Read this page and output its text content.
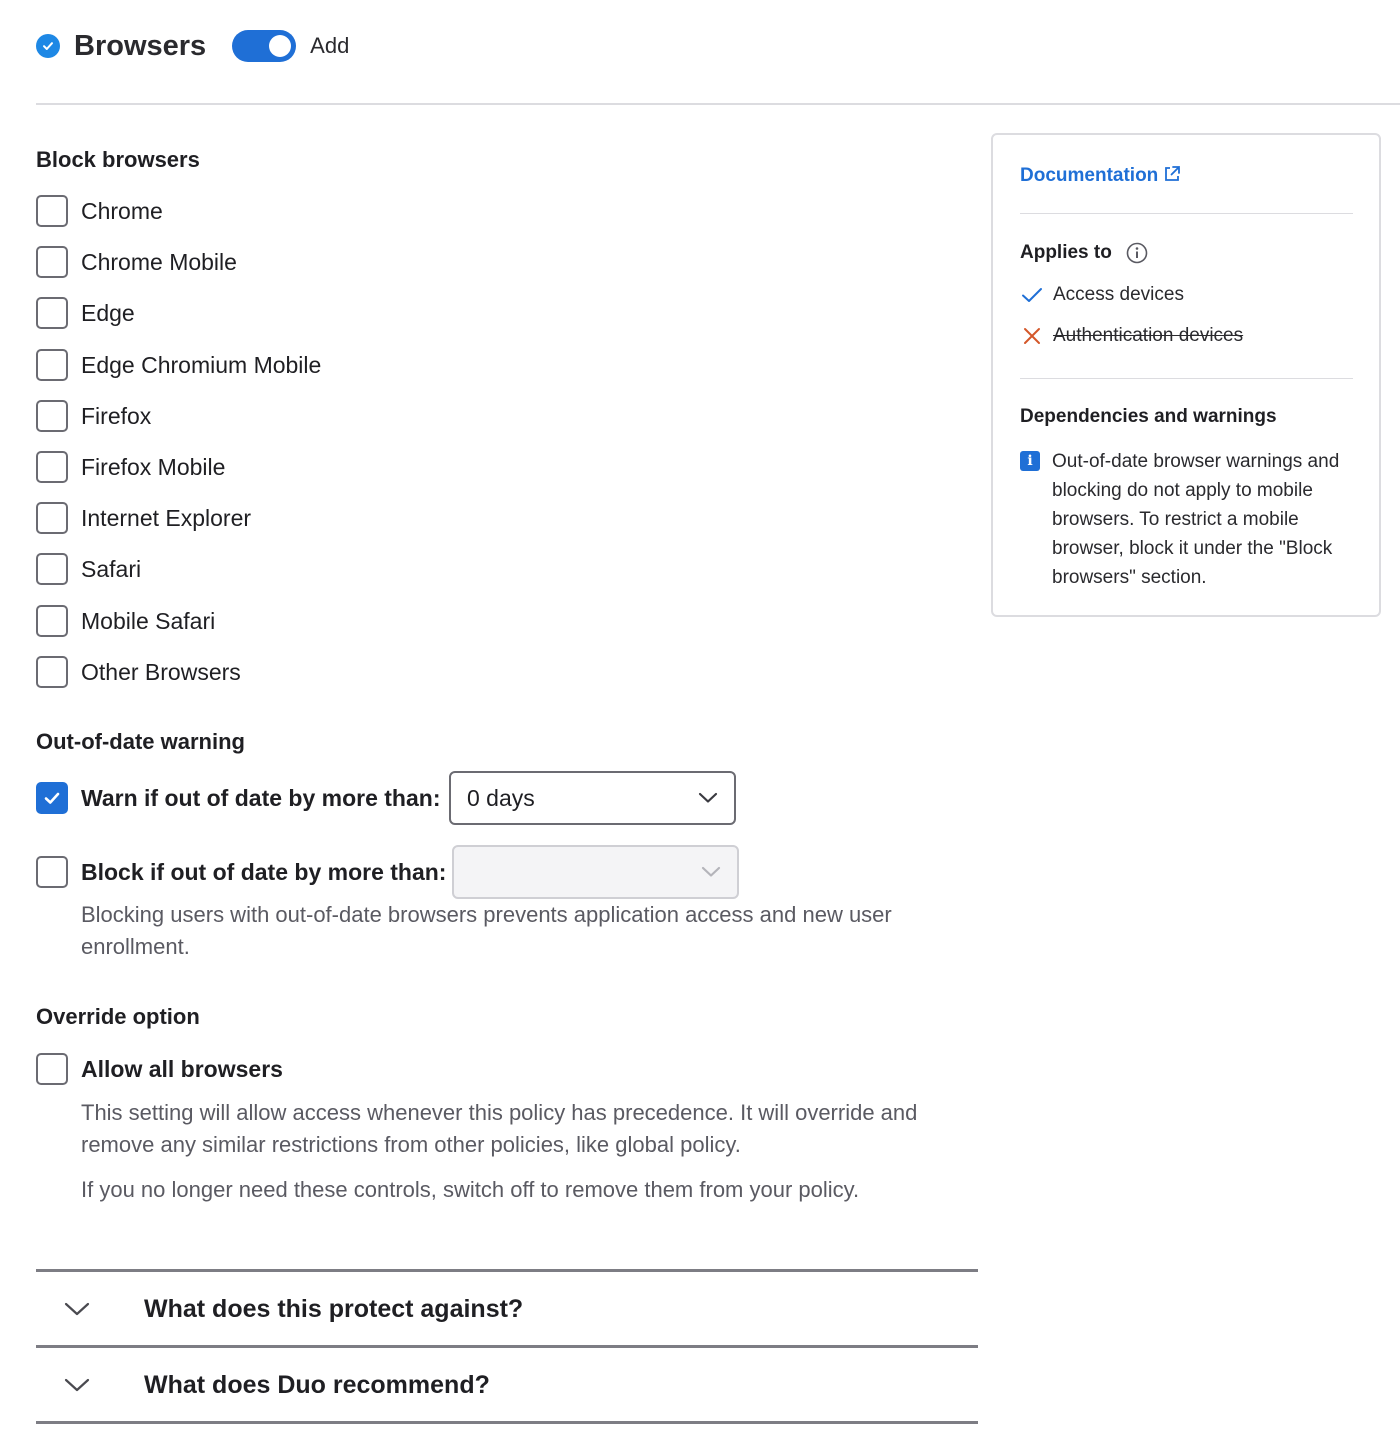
Browsers	Add
Block browsers
Chrome
Chrome Mobile
Edge
Edge Chromium Mobile
Firefox
Firefox Mobile
Internet Explorer
Safari
Mobile Safari
Other Browsers
Out-of-date warning
Warn if out of date by more than: 0 days
Block if out of date by more than:
Blocking users with out-of-date browsers prevents application access and new user enrollment.
Override option
Allow all browsers
This setting will allow access whenever this policy has precedence. It will override and remove any similar restrictions from other policies, like global policy.
If you no longer need these controls, switch off to remove them from your policy.
What does this protect against?
What does Duo recommend?
Documentation
Applies to
Access devices
Authentication devices
Dependencies and warnings
i	Out-of-date browser warnings and blocking do not apply to mobile browsers. To restrict a mobile browser, block it under the "Block browsers" section.
